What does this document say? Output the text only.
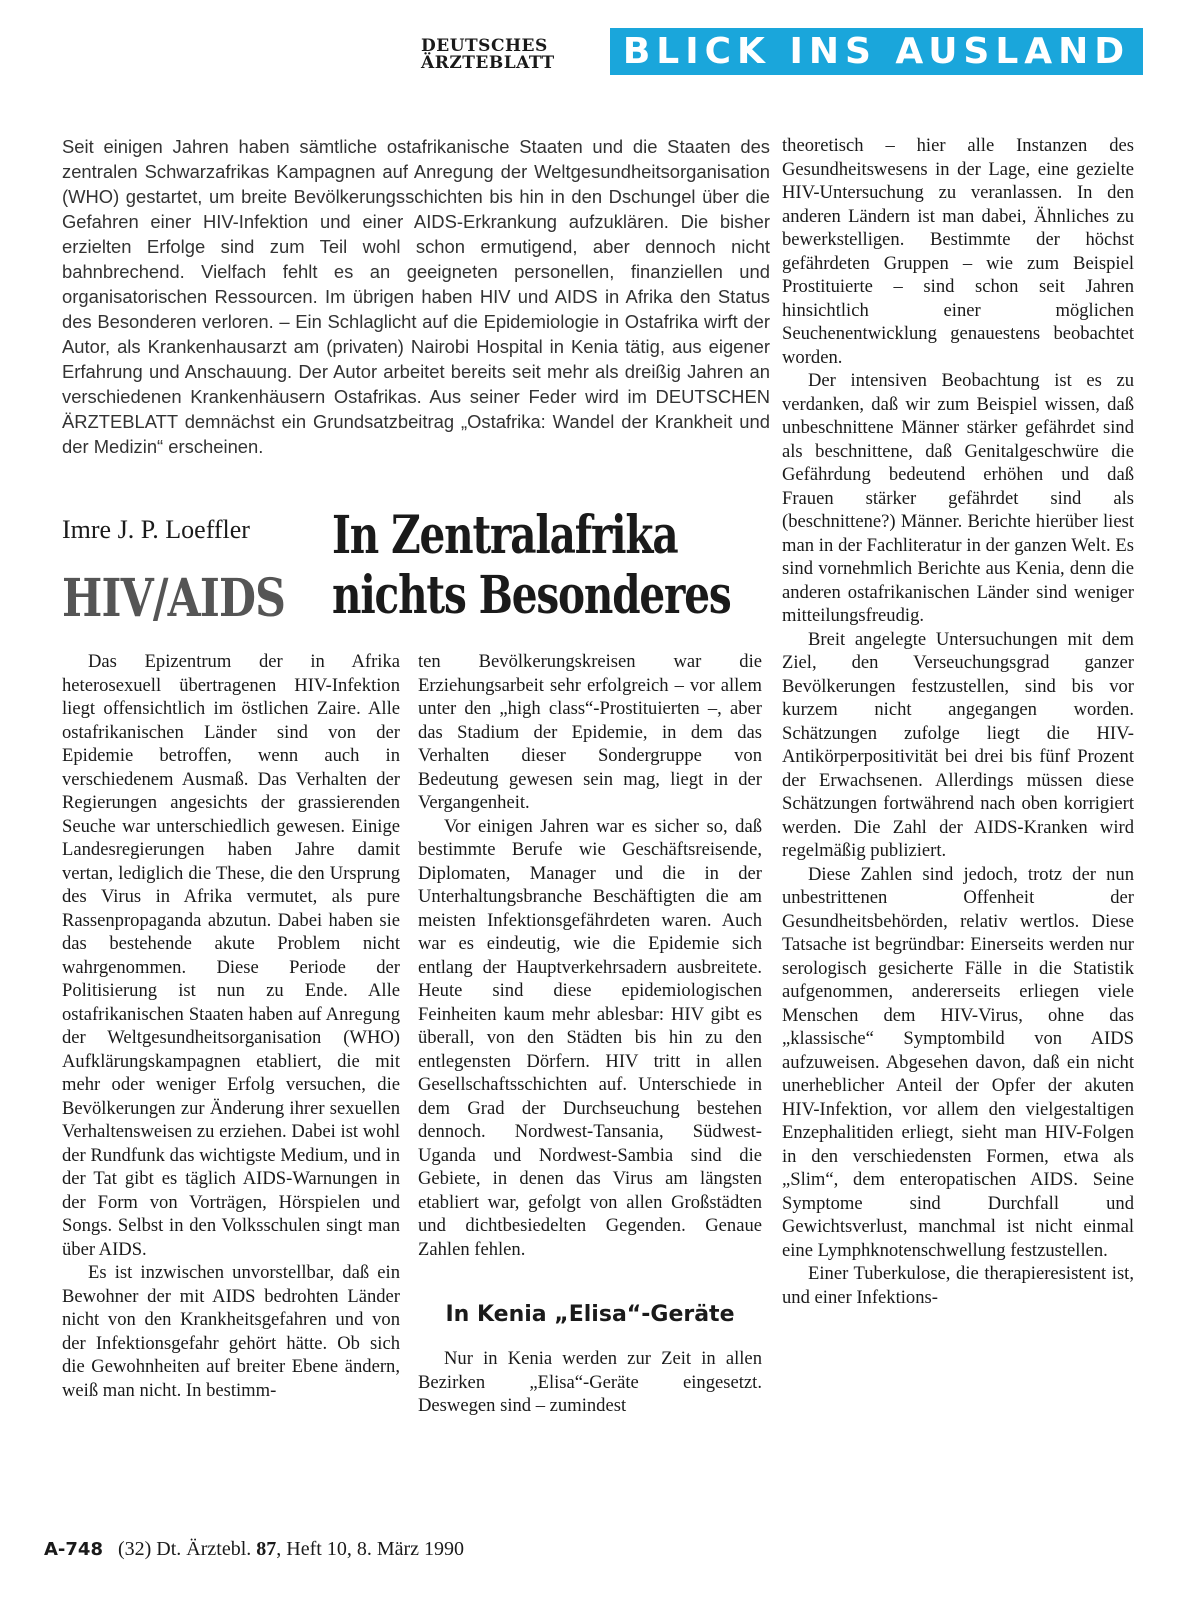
DEUTSCHES
ÄRZTEBLATT	BLICK INS AUSLAND

Seit einigen Jahren haben sämtliche ostafrikanische Staaten und die Staaten des zentralen Schwarzafrikas Kampagnen auf Anregung der Weltgesundheitsorganisation (WHO) gestartet, um breite Bevölkerungsschichten bis hin in den Dschungel über die Gefahren einer HIV-Infektion und einer AIDS-Erkrankung aufzuklären. Die bisher erzielten Erfolge sind zum Teil wohl schon ermutigend, aber dennoch nicht bahnbrechend. Vielfach fehlt es an geeigneten personellen, finanziellen und organisatorischen Ressourcen. Im übrigen haben HIV und AIDS in Afrika den Status des Besonderen verloren. – Ein Schlaglicht auf die Epidemiologie in Ostafrika wirft der Autor, als Krankenhausarzt am (privaten) Nairobi Hospital in Kenia tätig, aus eigener Erfahrung und Anschauung. Der Autor arbeitet bereits seit mehr als dreißig Jahren an verschiedenen Krankenhäusern Ostafrikas. Aus seiner Feder wird im DEUTSCHEN ÄRZTEBLATT demnächst ein Grundsatzbeitrag „Ostafrika: Wandel der Krankheit und der Medizin“ erscheinen.

Imre J. P. Loeffler
HIV/AIDS
In Zentralafrika
nichts Besonderes

Das Epizentrum der in Afrika heterosexuell übertragenen HIV-Infektion liegt offensichtlich im östlichen Zaire. Alle ostafrikanischen Länder sind von der Epidemie betroffen, wenn auch in verschiedenem Ausmaß. Das Verhalten der Regierungen angesichts der grassierenden Seuche war unterschiedlich gewesen. Einige Landesregierungen haben Jahre damit vertan, lediglich die These, die den Ursprung des Virus in Afrika vermutet, als pure Rassenpropaganda abzutun. Dabei haben sie das bestehende akute Problem nicht wahrgenommen. Diese Periode der Politisierung ist nun zu Ende. Alle ostafrikanischen Staaten haben auf Anregung der Weltgesundheitsorganisation (WHO) Aufklärungskampagnen etabliert, die mit mehr oder weniger Erfolg versuchen, die Bevölkerungen zur Änderung ihrer sexuellen Verhaltensweisen zu erziehen. Dabei ist wohl der Rundfunk das wichtigste Medium, und in der Tat gibt es täglich AIDS-Warnungen in der Form von Vorträgen, Hörspielen und Songs. Selbst in den Volksschulen singt man über AIDS.

Es ist inzwischen unvorstellbar, daß ein Bewohner der mit AIDS bedrohten Länder nicht von den Krankheitsgefahren und von der Infektionsgefahr gehört hätte. Ob sich die Gewohnheiten auf breiter Ebene ändern, weiß man nicht. In bestimm-

ten Bevölkerungskreisen war die Erziehungsarbeit sehr erfolgreich – vor allem unter den „high class“-Prostituierten –, aber das Stadium der Epidemie, in dem das Verhalten dieser Sondergruppe von Bedeutung gewesen sein mag, liegt in der Vergangenheit.

Vor einigen Jahren war es sicher so, daß bestimmte Berufe wie Geschäftsreisende, Diplomaten, Manager und die in der Unterhaltungsbranche Beschäftigten die am meisten Infektionsgefährdeten waren. Auch war es eindeutig, wie die Epidemie sich entlang der Hauptverkehrsadern ausbreitete. Heute sind diese epidemiologischen Feinheiten kaum mehr ablesbar: HIV gibt es überall, von den Städten bis hin zu den entlegensten Dörfern. HIV tritt in allen Gesellschaftsschichten auf. Unterschiede in dem Grad der Durchseuchung bestehen dennoch. Nordwest-Tansania, Südwest-Uganda und Nordwest-Sambia sind die Gebiete, in denen das Virus am längsten etabliert war, gefolgt von allen Großstädten und dichtbesiedelten Gegenden. Genaue Zahlen fehlen.

In Kenia „Elisa“-Geräte

Nur in Kenia werden zur Zeit in allen Bezirken „Elisa“-Geräte eingesetzt. Deswegen sind – zumindest

theoretisch – hier alle Instanzen des Gesundheitswesens in der Lage, eine gezielte HIV-Untersuchung zu veranlassen. In den anderen Ländern ist man dabei, Ähnliches zu bewerkstelligen. Bestimmte der höchst gefährdeten Gruppen – wie zum Beispiel Prostituierte – sind schon seit Jahren hinsichtlich einer möglichen Seuchenentwicklung genauestens beobachtet worden.

Der intensiven Beobachtung ist es zu verdanken, daß wir zum Beispiel wissen, daß unbeschnittene Männer stärker gefährdet sind als beschnittene, daß Genitalgeschwüre die Gefährdung bedeutend erhöhen und daß Frauen stärker gefährdet sind als (beschnittene?) Männer. Berichte hierüber liest man in der Fachliteratur in der ganzen Welt. Es sind vornehmlich Berichte aus Kenia, denn die anderen ostafrikanischen Länder sind weniger mitteilungsfreudig.

Breit angelegte Untersuchungen mit dem Ziel, den Verseuchungsgrad ganzer Bevölkerungen festzustellen, sind bis vor kurzem nicht angegangen worden. Schätzungen zufolge liegt die HIV-Antikörperpositivität bei drei bis fünf Prozent der Erwachsenen. Allerdings müssen diese Schätzungen fortwährend nach oben korrigiert werden. Die Zahl der AIDS-Kranken wird regelmäßig publiziert.

Diese Zahlen sind jedoch, trotz der nun unbestrittenen Offenheit der Gesundheitsbehörden, relativ wertlos. Diese Tatsache ist begründbar: Einerseits werden nur serologisch gesicherte Fälle in die Statistik aufgenommen, andererseits erliegen viele Menschen dem HIV-Virus, ohne das „klassische“ Symptombild von AIDS aufzuweisen. Abgesehen davon, daß ein nicht unerheblicher Anteil der Opfer der akuten HIV-Infektion, vor allem den vielgestaltigen Enzephalitiden erliegt, sieht man HIV-Folgen in den verschiedensten Formen, etwa als „Slim“, dem enteropatischen AIDS. Seine Symptome sind Durchfall und Gewichtsverlust, manchmal ist nicht einmal eine Lymphknotenschwellung festzustellen.

Einer Tuberkulose, die therapieresistent ist, und einer Infektions-

A-748 (32) Dt. Ärztebl. 87, Heft 10, 8. März 1990
